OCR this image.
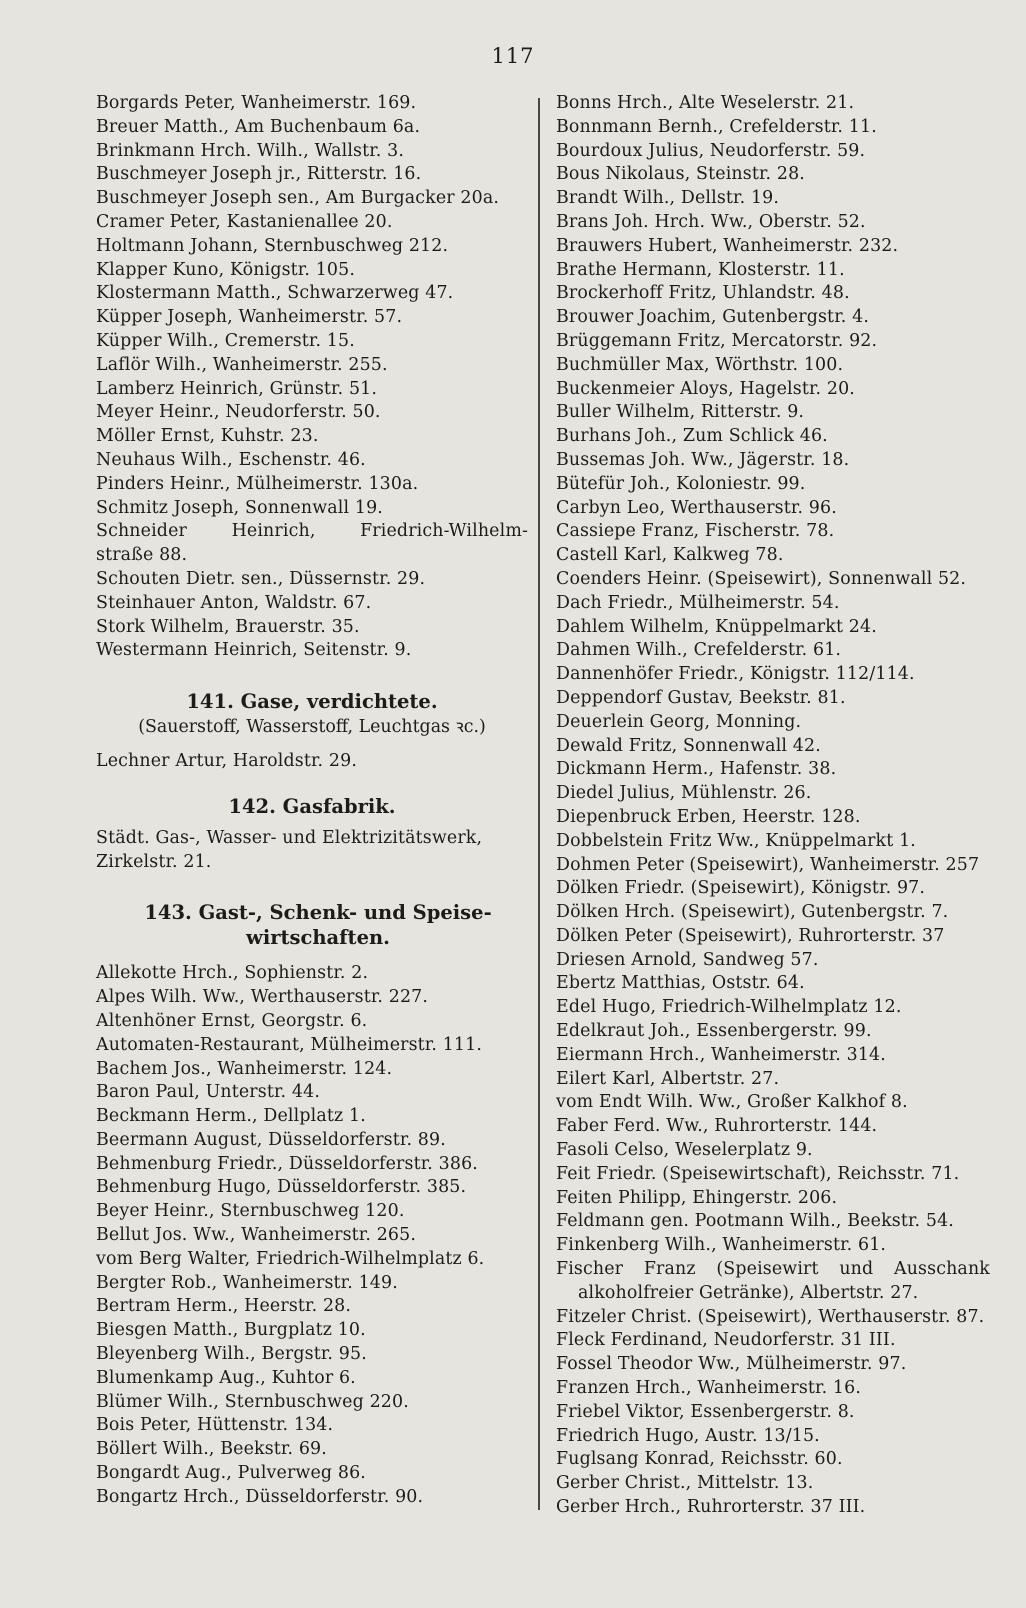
117
Borgards Peter, Wanheimerstr. 169.
Breuer Matth., Am Buchenbaum 6a.
Brinkmann Hrch. Wilh., Wallstr. 3.
Buschmeyer Joseph jr., Ritterstr. 16.
Buschmeyer Joseph sen., Am Burgacker 20a.
Cramer Peter, Kastanienallee 20.
Holtmann Johann, Sternbuschweg 212.
Klapper Kuno, Königstr. 105.
Klostermann Matth., Schwarzerweg 47.
Küpper Joseph, Wanheimerstr. 57.
Küpper Wilh., Cremerstr. 15.
Laflör Wilh., Wanheimerstr. 255.
Lamberz Heinrich, Grünstr. 51.
Meyer Heinr., Neudorferstr. 50.
Möller Ernst, Kuhstr. 23.
Neuhaus Wilh., Eschenstr. 46.
Pinders Heinr., Mülheimerstr. 130a.
Schmitz Joseph, Sonnenwall 19.
Schneider Heinrich, Friedrich-Wilhelm-
straße 88.
Schouten Dietr. sen., Düssernstr. 29.
Steinhauer Anton, Waldstr. 67.
Stork Wilhelm, Brauerstr. 35.
Westermann Heinrich, Seitenstr. 9.
141. Gase, verdichtete.
(Sauerstoff, Wasserstoff, Leuchtgas ꝛc.)
Lechner Artur, Haroldstr. 29.
142. Gasfabrik.
Städt. Gas-, Wasser- und Elektrizitätswerk,
Zirkelstr. 21.
143. Gast-, Schenk- und Speise-
wirtschaften.
Allekotte Hrch., Sophienstr. 2.
Alpes Wilh. Ww., Werthauserstr. 227.
Altenhöner Ernst, Georgstr. 6.
Automaten-Restaurant, Mülheimerstr. 111.
Bachem Jos., Wanheimerstr. 124.
Baron Paul, Unterstr. 44.
Beckmann Herm., Dellplatz 1.
Beermann August, Düsseldorferstr. 89.
Behmenburg Friedr., Düsseldorferstr. 386.
Behmenburg Hugo, Düsseldorferstr. 385.
Beyer Heinr., Sternbuschweg 120.
Bellut Jos. Ww., Wanheimerstr. 265.
vom Berg Walter, Friedrich-Wilhelmplatz 6.
Bergter Rob., Wanheimerstr. 149.
Bertram Herm., Heerstr. 28.
Biesgen Matth., Burgplatz 10.
Bleyenberg Wilh., Bergstr. 95.
Blumenkamp Aug., Kuhtor 6.
Blümer Wilh., Sternbuschweg 220.
Bois Peter, Hüttenstr. 134.
Böllert Wilh., Beekstr. 69.
Bongardt Aug., Pulverweg 86.
Bongartz Hrch., Düsseldorferstr. 90.
Bonns Hrch., Alte Weselerstr. 21.
Bonnmann Bernh., Crefelderstr. 11.
Bourdoux Julius, Neudorferstr. 59.
Bous Nikolaus, Steinstr. 28.
Brandt Wilh., Dellstr. 19.
Brans Joh. Hrch. Ww., Oberstr. 52.
Brauwers Hubert, Wanheimerstr. 232.
Brathe Hermann, Klosterstr. 11.
Brockerhoff Fritz, Uhlandstr. 48.
Brouwer Joachim, Gutenbergstr. 4.
Brüggemann Fritz, Mercatorstr. 92.
Buchmüller Max, Wörthstr. 100.
Buckenmeier Aloys, Hagelstr. 20.
Buller Wilhelm, Ritterstr. 9.
Burhans Joh., Zum Schlick 46.
Bussemas Joh. Ww., Jägerstr. 18.
Bütefür Joh., Koloniestr. 99.
Carbyn Leo, Werthauserstr. 96.
Cassiepe Franz, Fischerstr. 78.
Castell Karl, Kalkweg 78.
Coenders Heinr. (Speisewirt), Sonnenwall 52.
Dach Friedr., Mülheimerstr. 54.
Dahlem Wilhelm, Knüppelmarkt 24.
Dahmen Wilh., Crefelderstr. 61.
Dannenhöfer Friedr., Königstr. 112/114.
Deppendorf Gustav, Beekstr. 81.
Deuerlein Georg, Monning.
Dewald Fritz, Sonnenwall 42.
Dickmann Herm., Hafenstr. 38.
Diedel Julius, Mühlenstr. 26.
Diepenbruck Erben, Heerstr. 128.
Dobbelstein Fritz Ww., Knüppelmarkt 1.
Dohmen Peter (Speisewirt), Wanheimerstr. 257
Dölken Friedr. (Speisewirt), Königstr. 97.
Dölken Hrch. (Speisewirt), Gutenbergstr. 7.
Dölken Peter (Speisewirt), Ruhrorterstr. 37
Driesen Arnold, Sandweg 57.
Ebertz Matthias, Oststr. 64.
Edel Hugo, Friedrich-Wilhelmplatz 12.
Edelkraut Joh., Essenbergerstr. 99.
Eiermann Hrch., Wanheimerstr. 314.
Eilert Karl, Albertstr. 27.
vom Endt Wilh. Ww., Großer Kalkhof 8.
Faber Ferd. Ww., Ruhrorterstr. 144.
Fasoli Celso, Weselerplatz 9.
Feit Friedr. (Speisewirtschaft), Reichsstr. 71.
Feiten Philipp, Ehingerstr. 206.
Feldmann gen. Pootmann Wilh., Beekstr. 54.
Finkenberg Wilh., Wanheimerstr. 61.
Fischer Franz (Speisewirt und Ausschank
alkoholfreier Getränke), Albertstr. 27.
Fitzeler Christ. (Speisewirt), Werthauserstr. 87.
Fleck Ferdinand, Neudorferstr. 31 III.
Fossel Theodor Ww., Mülheimerstr. 97.
Franzen Hrch., Wanheimerstr. 16.
Friebel Viktor, Essenbergerstr. 8.
Friedrich Hugo, Austr. 13/15.
Fuglsang Konrad, Reichsstr. 60.
Gerber Christ., Mittelstr. 13.
Gerber Hrch., Ruhrorterstr. 37 III.
